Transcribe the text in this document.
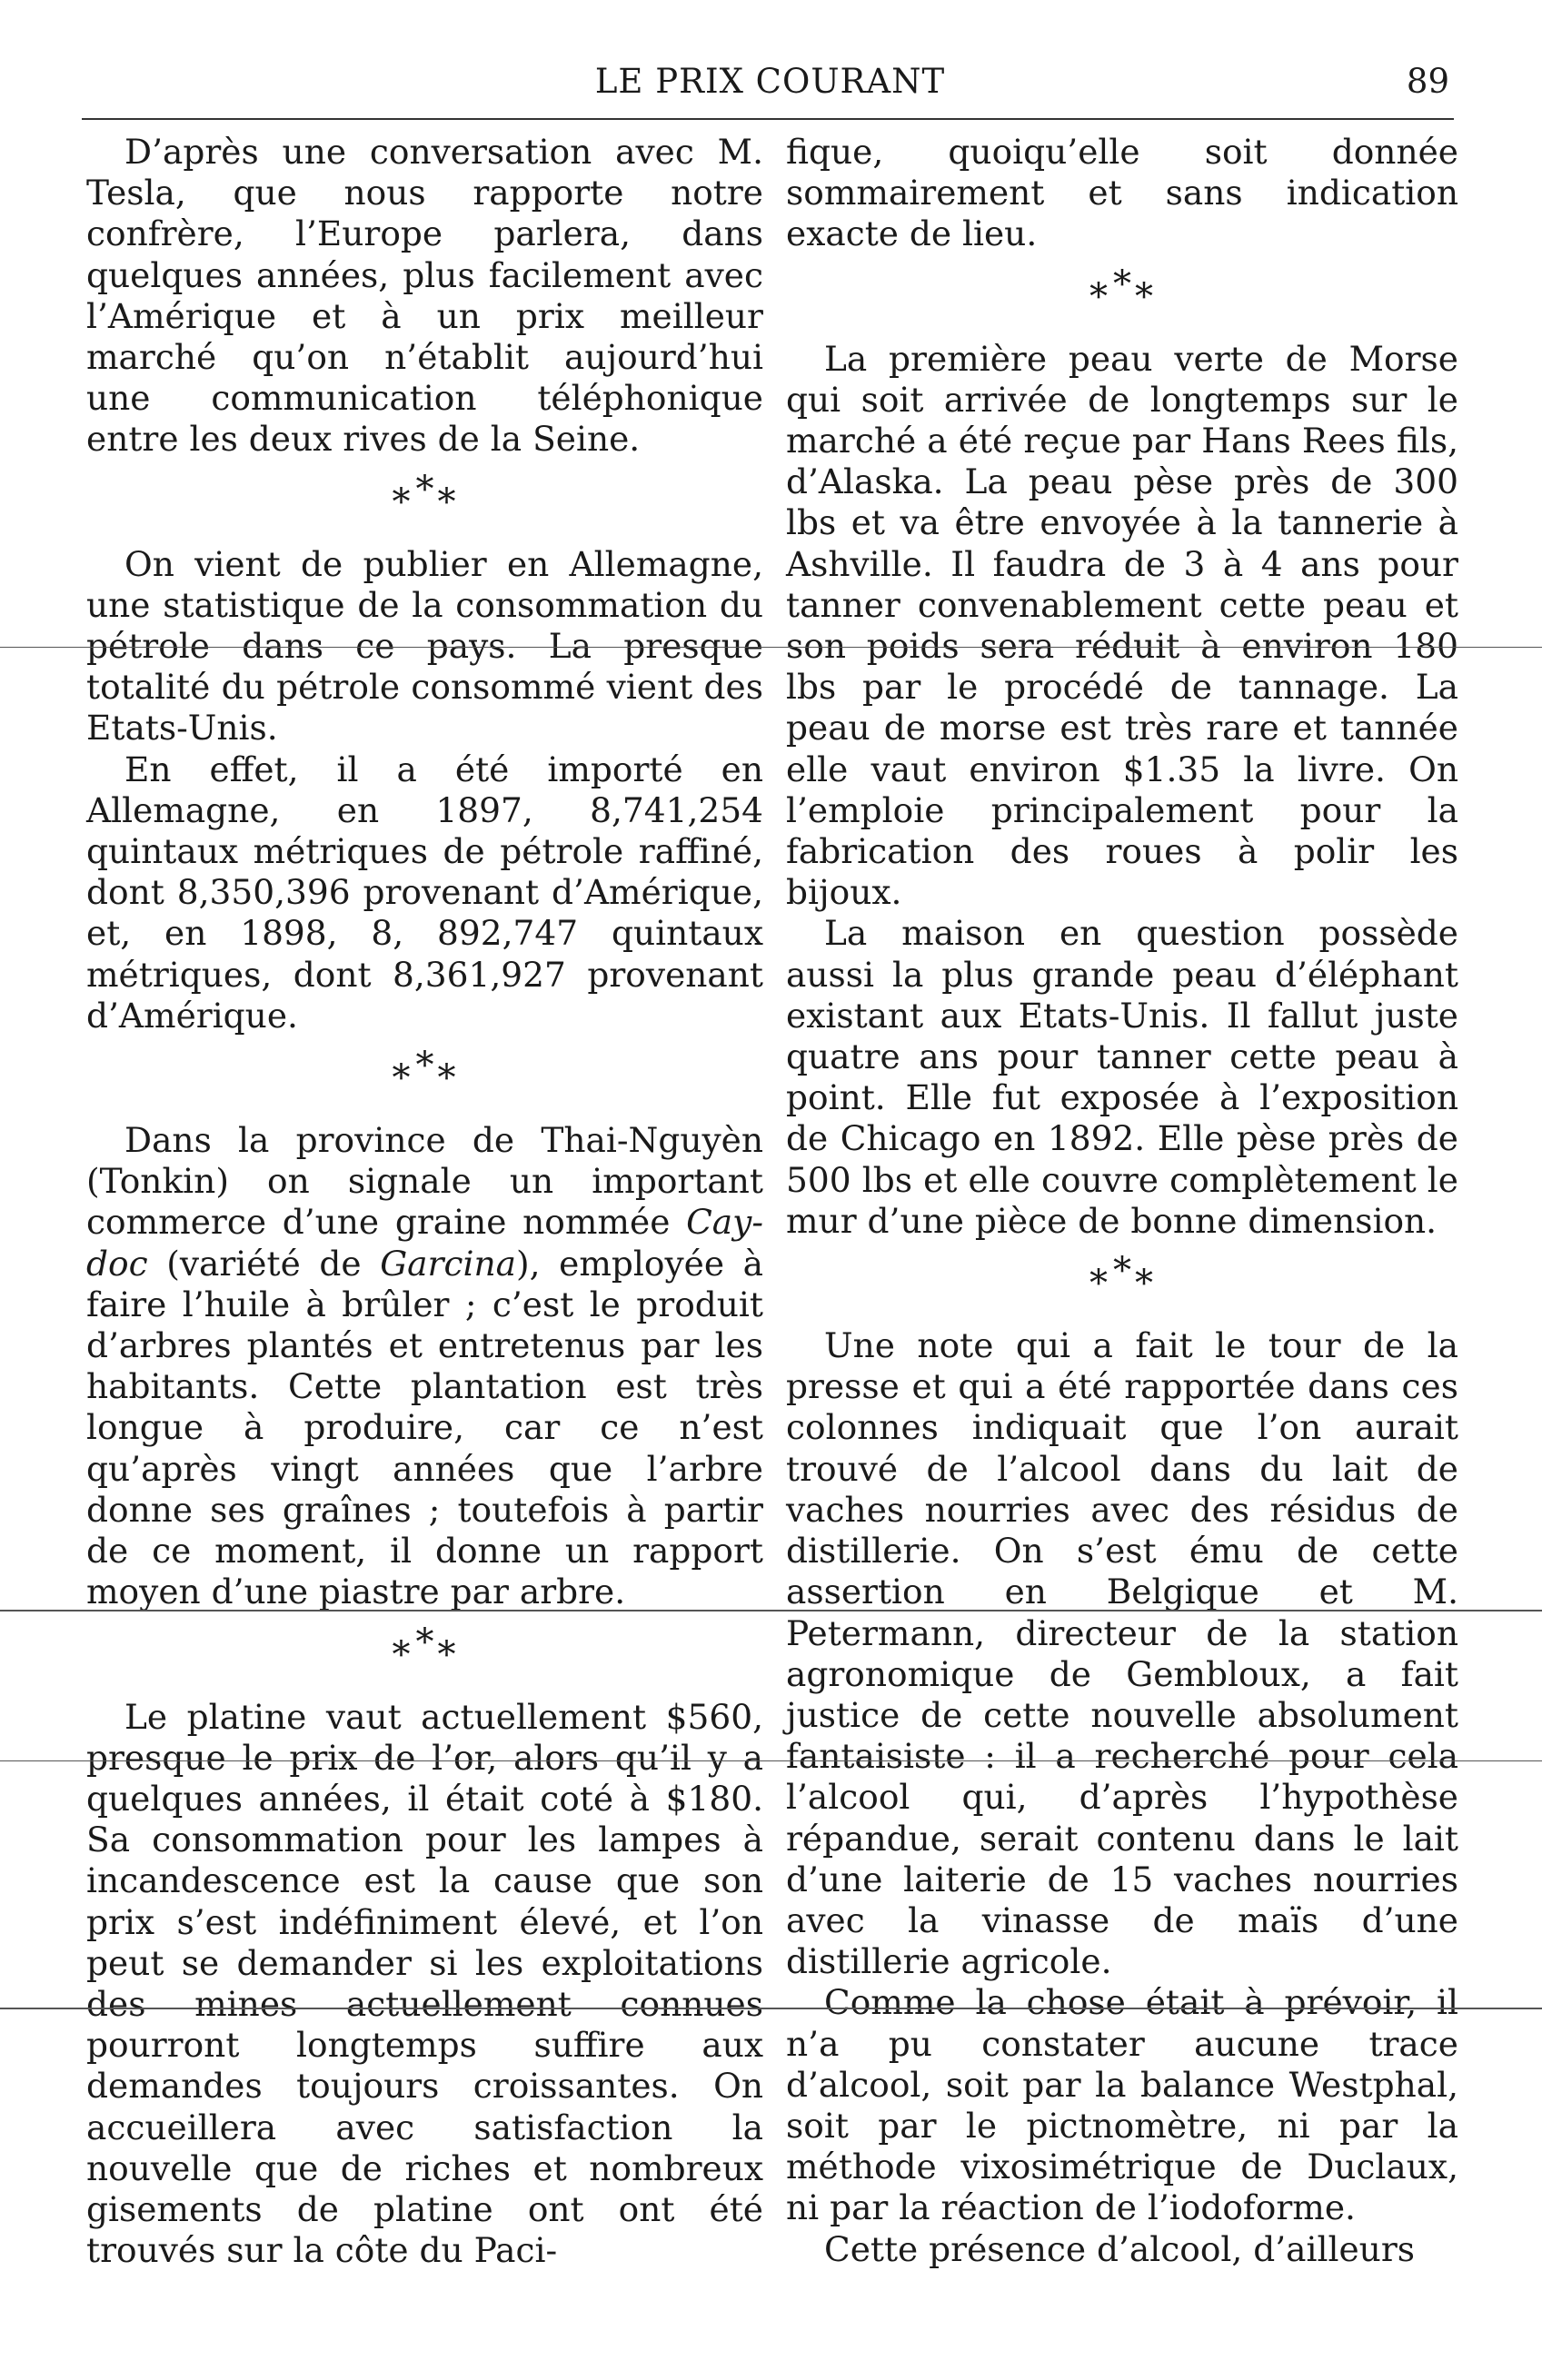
LE PRIX COURANT	89

D’après une conversation avec M. Tesla, que nous rapporte notre confrère, l’Europe parlera, dans quelques années, plus facilement avec l’Amérique et à un prix meilleur marché qu’on n’établit aujourd’hui une communication téléphonique entre les deux rives de la Seine.

* * *

On vient de publier en Allemagne, une statistique de la consommation du pétrole dans ce pays. La presque totalité du pétrole consommé vient des Etats-Unis.

En effet, il a été importé en Allemagne, en 1897, 8,741,254 quintaux métriques de pétrole raffiné, dont 8,350,396 provenant d’Amérique, et, en 1898, 8, 892,747 quintaux métriques, dont 8,361,927 provenant d’Amérique.

* * *

Dans la province de Thai-Nguyèn (Tonkin) on signale un important commerce d’une graine nommée Cay-doc (variété de Garcina), employée à faire l’huile à brûler ; c’est le produit d’arbres plantés et entretenus par les habitants. Cette plantation est très longue à produire, car ce n’est qu’après vingt années que l’arbre donne ses graînes ; toutefois à partir de ce moment, il donne un rapport moyen d’une piastre par arbre.

* * *

Le platine vaut actuellement $560, presque le prix de l’or, alors qu’il y a quelques années, il était coté à $180. Sa consommation pour les lampes à incandescence est la cause que son prix s’est indéfiniment élevé, et l’on peut se demander si les exploitations des mines actuellement connues pourront longtemps suffire aux demandes toujours croissantes. On accueillera avec satisfaction la nouvelle que de riches et nombreux gisements de platine ont ont été trouvés sur la côte du Paci-

fique, quoiqu’elle soit donnée sommairement et sans indication exacte de lieu.

* * *

La première peau verte de Morse qui soit arrivée de longtemps sur le marché a été reçue par Hans Rees fils, d’Alaska. La peau pèse près de 300 lbs et va être envoyée à la tannerie à Ashville. Il faudra de 3 à 4 ans pour tanner convenablement cette peau et son poids sera réduit à environ 180 lbs par le procédé de tannage. La peau de morse est très rare et tannée elle vaut environ $1.35 la livre. On l’emploie principalement pour la fabrication des roues à polir les bijoux.

La maison en question possède aussi la plus grande peau d’éléphant existant aux Etats-Unis. Il fallut juste quatre ans pour tanner cette peau à point. Elle fut exposée à l’exposition de Chicago en 1892. Elle pèse près de 500 lbs et elle couvre complètement le mur d’une pièce de bonne dimension.

* * *

Une note qui a fait le tour de la presse et qui a été rapportée dans ces colonnes indiquait que l’on aurait trouvé de l’alcool dans du lait de vaches nourries avec des résidus de distillerie. On s’est ému de cette assertion en Belgique et M. Petermann, directeur de la station agronomique de Gembloux, a fait justice de cette nouvelle absolument fantaisiste : il a recherché pour cela l’alcool qui, d’après l’hypothèse répandue, serait contenu dans le lait d’une laiterie de 15 vaches nourries avec la vinasse de maïs d’une distillerie agricole.

Comme la chose était à prévoir, il n’a pu constater aucune trace d’alcool, soit par la balance Westphal, soit par le pictnomètre, ni par la méthode vixosimétrique de Duclaux, ni par la réaction de l’iodoforme.

Cette présence d’alcool, d’ailleurs
